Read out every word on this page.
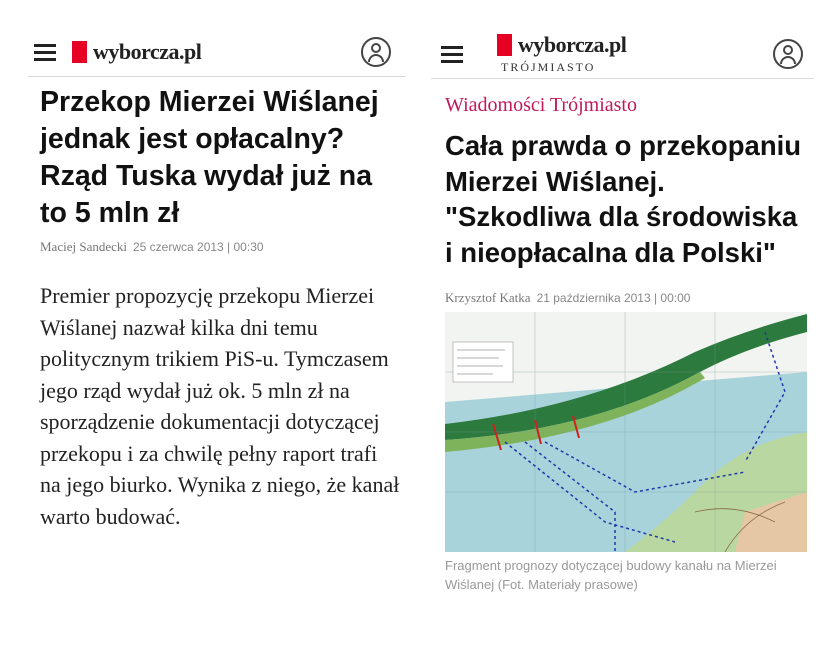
wyborcza.pl
Przekop Mierzei Wiślanej jednak jest opłacalny? Rząd Tuska wydał już na to 5 mln zł
Maciej Sandecki 25 czerwca 2013 | 00:30
Premier propozycję przekopu Mierzei Wiślanej nazwał kilka dni temu politycznym trikiem PiS-u. Tymczasem jego rząd wydał już ok. 5 mln zł na sporządzenie dokumentacji dotyczącej przekopu i za chwilę pełny raport trafi na jego biurko. Wynika z niego, że kanał warto budować.
wyborcza.pl
TRÓJMIASTO
Wiadomości Trójmiasto
Cała prawda o przekopaniu Mierzei Wiślanej. "Szkodliwa dla środowiska i nieopłacalna dla Polski"
Krzysztof Katka 21 października 2013 | 00:00
Fragment prognozy dotyczącej budowy kanału na Mierzei Wiślanej (Fot. Materiały prasowe)
